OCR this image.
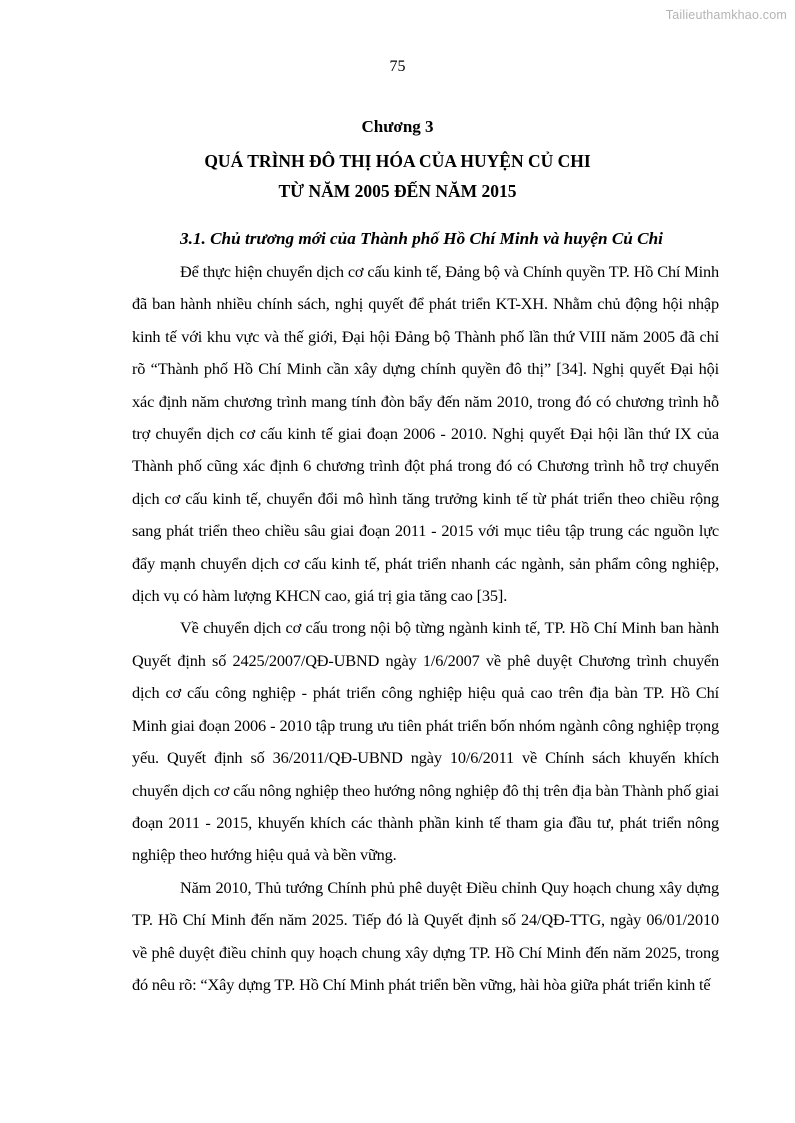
Tailieuthamkhao.com
75
Chương 3
QUÁ TRÌNH ĐÔ THỊ HÓA CỦA HUYỆN CỦ CHI
TỪ NĂM 2005 ĐẾN NĂM 2015
3.1. Chủ trương mới của Thành phố Hồ Chí Minh và huyện Củ Chi

Để thực hiện chuyển dịch cơ cấu kinh tế, Đảng bộ và Chính quyền TP. Hồ Chí Minh đã ban hành nhiều chính sách, nghị quyết để phát triển KT-XH. Nhằm chủ động hội nhập kinh tế với khu vực và thế giới, Đại hội Đảng bộ Thành phố lần thứ VIII năm 2005 đã chỉ rõ “Thành phố Hồ Chí Minh cần xây dựng chính quyền đô thị” [34]. Nghị quyết Đại hội xác định năm chương trình mang tính đòn bẩy đến năm 2010, trong đó có chương trình hỗ trợ chuyển dịch cơ cấu kinh tế giai đoạn 2006 - 2010. Nghị quyết Đại hội lần thứ IX của Thành phố cũng xác định 6 chương trình đột phá trong đó có Chương trình hỗ trợ chuyển dịch cơ cấu kinh tế, chuyển đổi mô hình tăng trưởng kinh tế từ phát triển theo chiều rộng sang phát triển theo chiều sâu giai đoạn 2011 - 2015 với mục tiêu tập trung các nguồn lực đẩy mạnh chuyển dịch cơ cấu kinh tế, phát triển nhanh các ngành, sản phẩm công nghiệp, dịch vụ có hàm lượng KHCN cao, giá trị gia tăng cao [35].

Về chuyển dịch cơ cấu trong nội bộ từng ngành kinh tế, TP. Hồ Chí Minh ban hành Quyết định số 2425/2007/QĐ-UBND ngày 1/6/2007 về phê duyệt Chương trình chuyển dịch cơ cấu công nghiệp - phát triển công nghiệp hiệu quả cao trên địa bàn TP. Hồ Chí Minh giai đoạn 2006 - 2010 tập trung ưu tiên phát triển bốn nhóm ngành công nghiệp trọng yếu. Quyết định số 36/2011/QĐ-UBND ngày 10/6/2011 về Chính sách khuyến khích chuyển dịch cơ cấu nông nghiệp theo hướng nông nghiệp đô thị trên địa bàn Thành phố giai đoạn 2011 - 2015, khuyến khích các thành phần kinh tế tham gia đầu tư, phát triển nông nghiệp theo hướng hiệu quả và bền vững.

Năm 2010, Thủ tướng Chính phủ phê duyệt Điều chỉnh Quy hoạch chung xây dựng TP. Hồ Chí Minh đến năm 2025. Tiếp đó là Quyết định số 24/QĐ-TTG, ngày 06/01/2010 về phê duyệt điều chỉnh quy hoạch chung xây dựng TP. Hồ Chí Minh đến năm 2025, trong đó nêu rõ: “Xây dựng TP. Hồ Chí Minh phát triển bền vững, hài hòa giữa phát triển kinh tế
